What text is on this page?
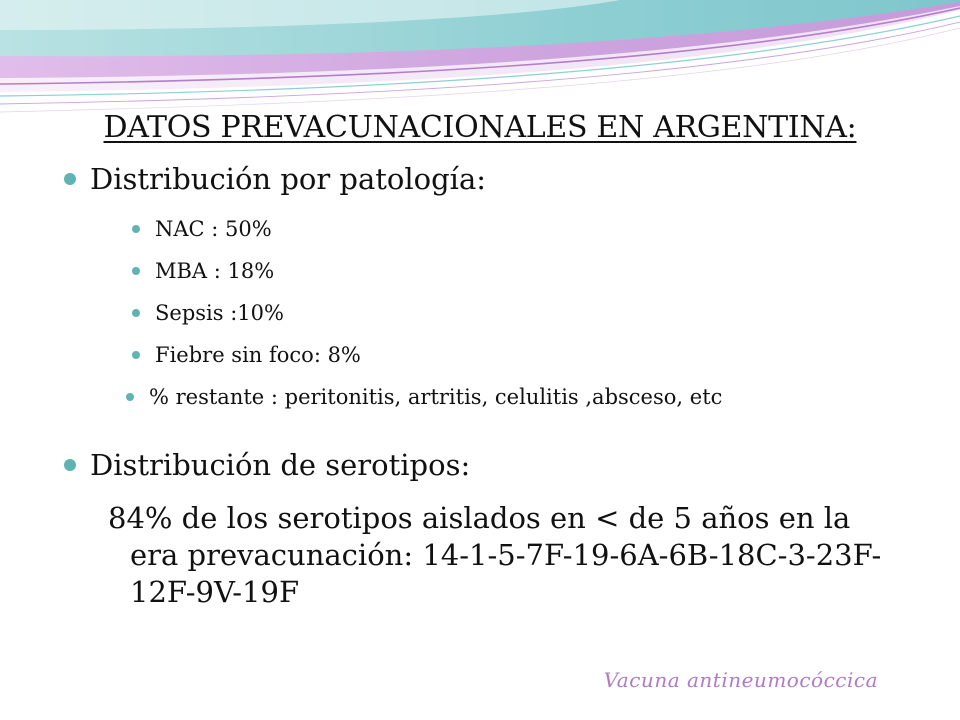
DATOS PREVACUNACIONALES EN ARGENTINA:
Distribución por patología:
NAC : 50%
MBA : 18%
Sepsis :10%
Fiebre sin foco: 8%
% restante : peritonitis, artritis, celulitis ,absceso, etc
Distribución de serotipos:
84% de los serotipos aislados en < de 5 años en la era prevacunación: 14-1-5-7F-19-6A-6B-18C-3-23F-12F-9V-19F
Vacuna antineumocóccica
